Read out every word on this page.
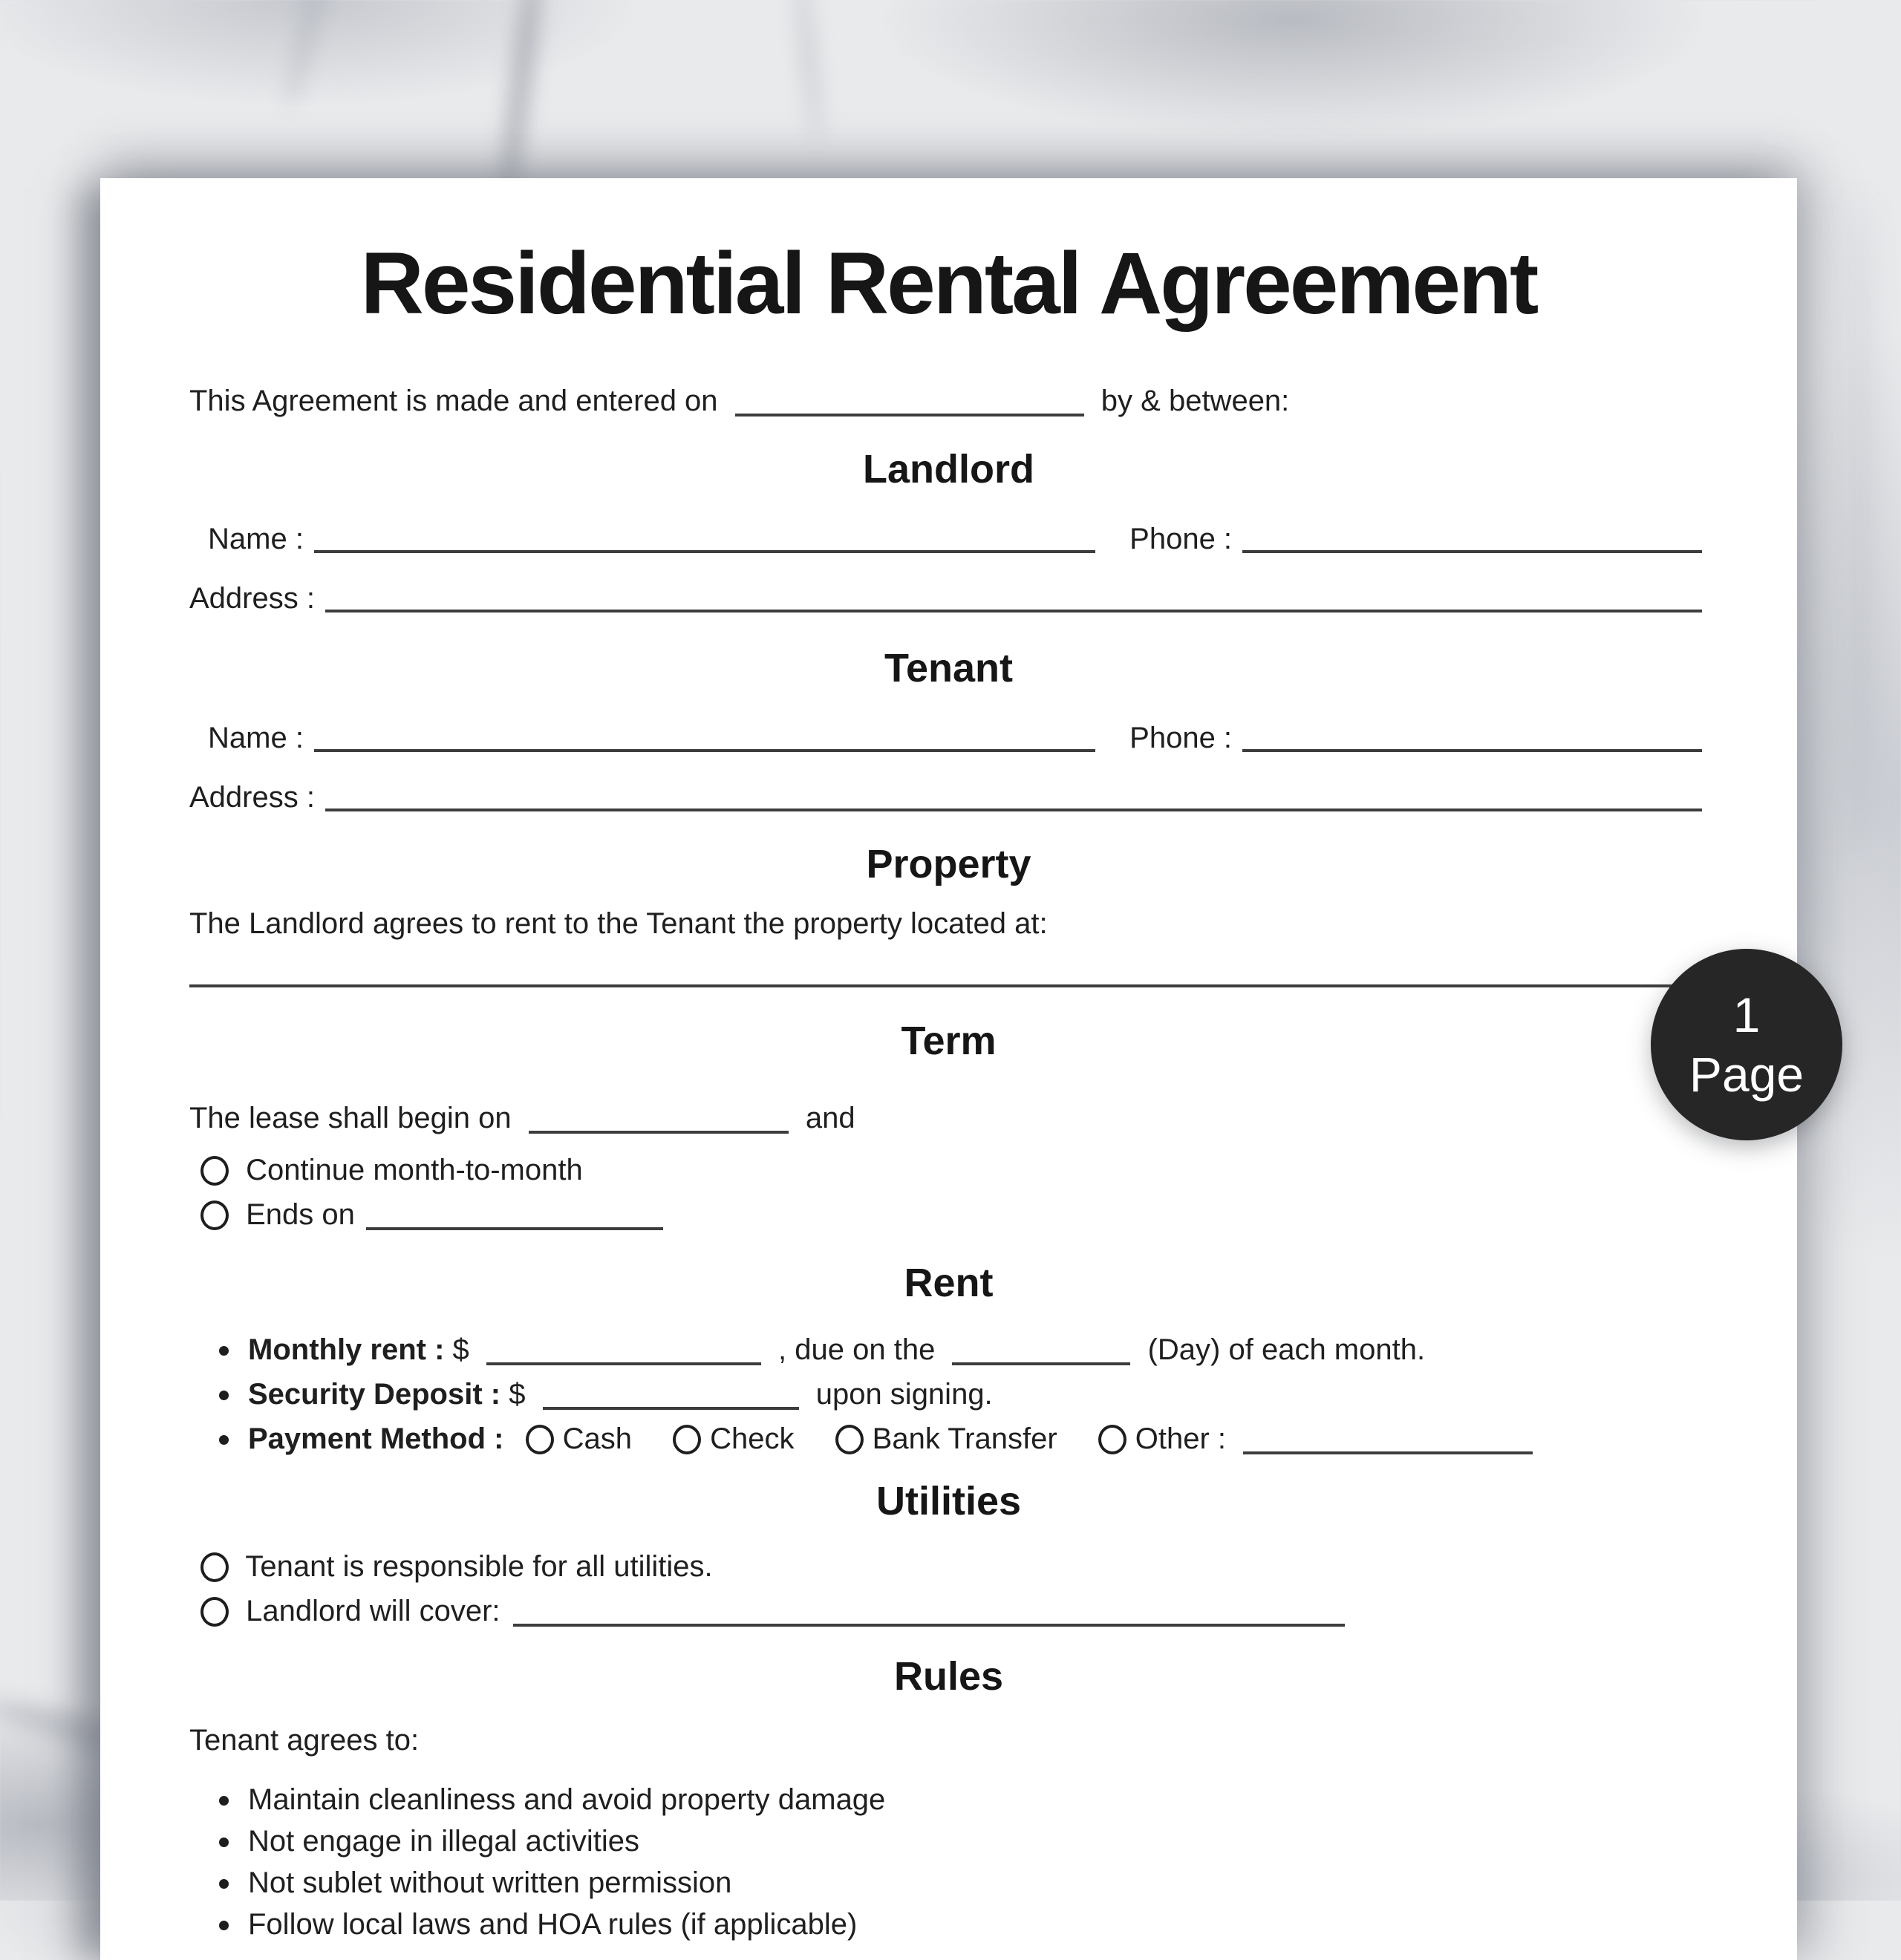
Residential Rental Agreement
This Agreement is made and entered on	by & between:
Landlord
Name :	Phone :
Address :
Tenant
Name :	Phone :
Address :
Property
The Landlord agrees to rent to the Tenant the property located at:
Term
The lease shall begin on	and
Continue month-to-month
Ends on
Rent
Monthly rent : $	, due on the	(Day) of each month.
Security Deposit : $	upon signing.
Payment Method : Cash	Check	Bank Transfer	Other :
Utilities
Tenant is responsible for all utilities.
Landlord will cover:
Rules
Tenant agrees to:
Maintain cleanliness and avoid property damage
Not engage in illegal activities
Not sublet without written permission
Follow local laws and HOA rules (if applicable)
1
Page
